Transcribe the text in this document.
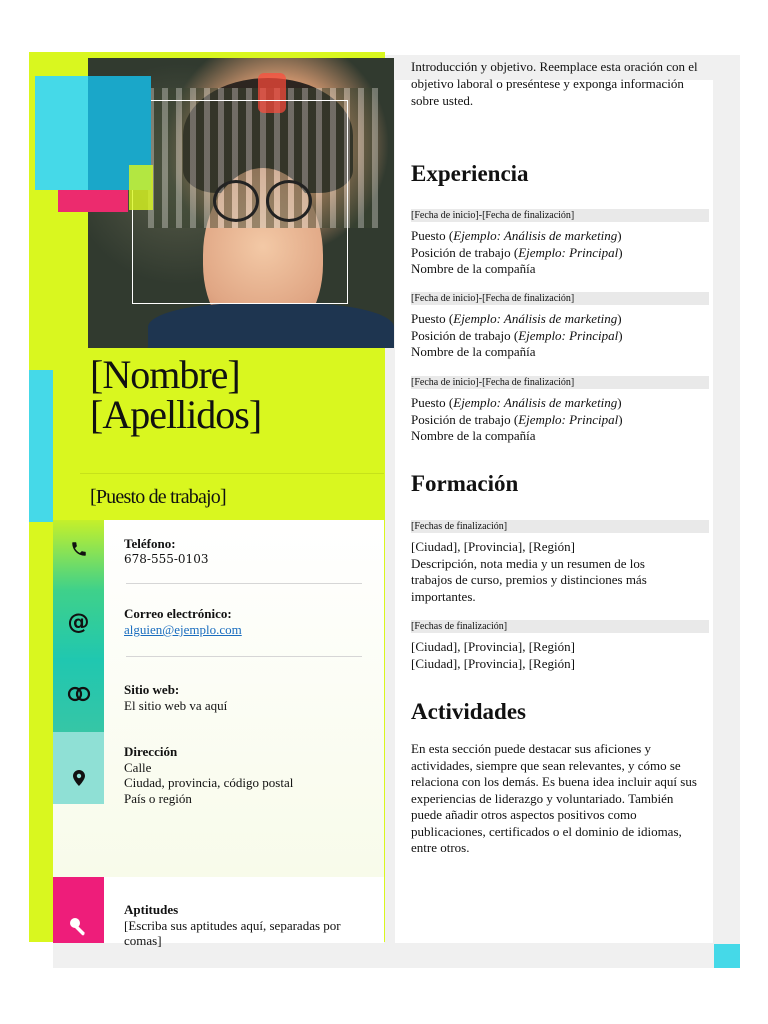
[Nombre]
[Apellidos]
[Puesto de trabajo]
@
Teléfono:
678-555-0103
Correo electrónico:
alguien@ejemplo.com
Sitio web:
El sitio web va aquí
Dirección
Calle
Ciudad, provincia, código postal
País o región
Aptitudes
[Escriba sus aptitudes aquí, separadas por comas]
Introducción y objetivo. Reemplace esta oración con el objetivo laboral o preséntese y exponga información sobre usted.
Experiencia
[Fecha de inicio]-[Fecha de finalización]
Puesto (Ejemplo: Análisis de marketing)
Posición de trabajo (Ejemplo: Principal)
Nombre de la compañía
[Fecha de inicio]-[Fecha de finalización]
Puesto (Ejemplo: Análisis de marketing)
Posición de trabajo (Ejemplo: Principal)
Nombre de la compañía
[Fecha de inicio]-[Fecha de finalización]
Puesto (Ejemplo: Análisis de marketing)
Posición de trabajo (Ejemplo: Principal)
Nombre de la compañía
Formación
[Fechas de finalización]
[Ciudad], [Provincia], [Región]
Descripción, nota media y un resumen de los trabajos de curso, premios y distinciones más importantes.
[Fechas de finalización]
[Ciudad], [Provincia], [Región]
[Ciudad], [Provincia], [Región]
Actividades
En esta sección puede destacar sus aficiones y actividades, siempre que sean relevantes, y cómo se relaciona con los demás. Es buena idea incluir aquí sus experiencias de liderazgo y voluntariado. También puede añadir otros aspectos positivos como publicaciones, certificados o el dominio de idiomas, entre otros.
